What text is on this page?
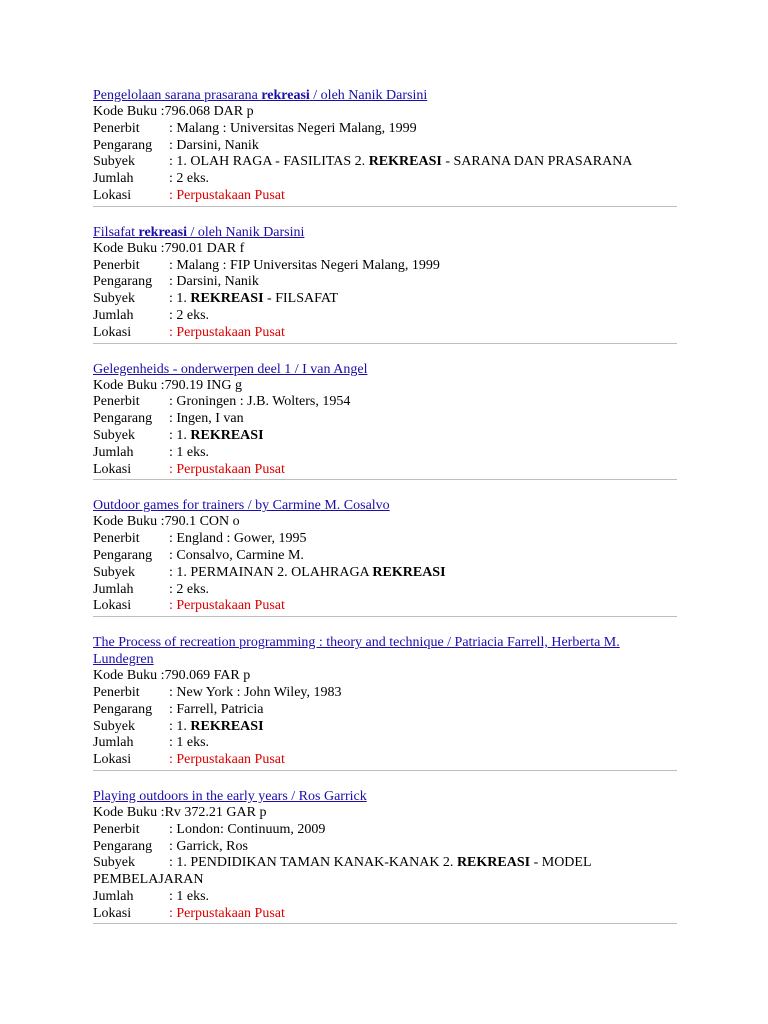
Pengelolaan sarana prasarana rekreasi / oleh Nanik Darsini
Kode Buku : 796.068 DAR p
Penerbit	: Malang : Universitas Negeri Malang, 1999
Pengarang	: Darsini, Nanik
Subyek : 1. OLAH RAGA - FASILITAS 2. REKREASI - SARANA DAN PRASARANA
Jumlah	: 2 eks.
Lokasi	: Perpustakaan Pusat
Filsafat rekreasi / oleh Nanik Darsini
Kode Buku : 790.01 DAR f
Penerbit	: Malang : FIP Universitas Negeri Malang, 1999
Pengarang	: Darsini, Nanik
Subyek : 1. REKREASI - FILSAFAT
Jumlah	: 2 eks.
Lokasi	: Perpustakaan Pusat
Gelegenheids - onderwerpen deel 1 / I van Angel
Kode Buku : 790.19 ING g
Penerbit	: Groningen : J.B. Wolters, 1954
Pengarang	: Ingen, I van
Subyek : 1. REKREASI
Jumlah	: 1 eks.
Lokasi	: Perpustakaan Pusat
Outdoor games for trainers / by Carmine M. Cosalvo
Kode Buku : 790.1 CON o
Penerbit	: England : Gower, 1995
Pengarang	: Consalvo, Carmine M.
Subyek : 1. PERMAINAN 2. OLAHRAGA REKREASI
Jumlah	: 2 eks.
Lokasi	: Perpustakaan Pusat
The Process of recreation programming : theory and technique / Patriacia Farrell, Herberta M. Lundegren
Kode Buku : 790.069 FAR p
Penerbit	: New York : John Wiley, 1983
Pengarang	: Farrell, Patricia
Subyek : 1. REKREASI
Jumlah	: 1 eks.
Lokasi	: Perpustakaan Pusat
Playing outdoors in the early years / Ros Garrick
Kode Buku : Rv 372.21 GAR p
Penerbit	: London: Continuum, 2009
Pengarang	: Garrick, Ros
Subyek : 1. PENDIDIKAN TAMAN KANAK-KANAK 2. REKREASI - MODEL PEMBELAJARAN
Jumlah	: 1 eks.
Lokasi	: Perpustakaan Pusat
